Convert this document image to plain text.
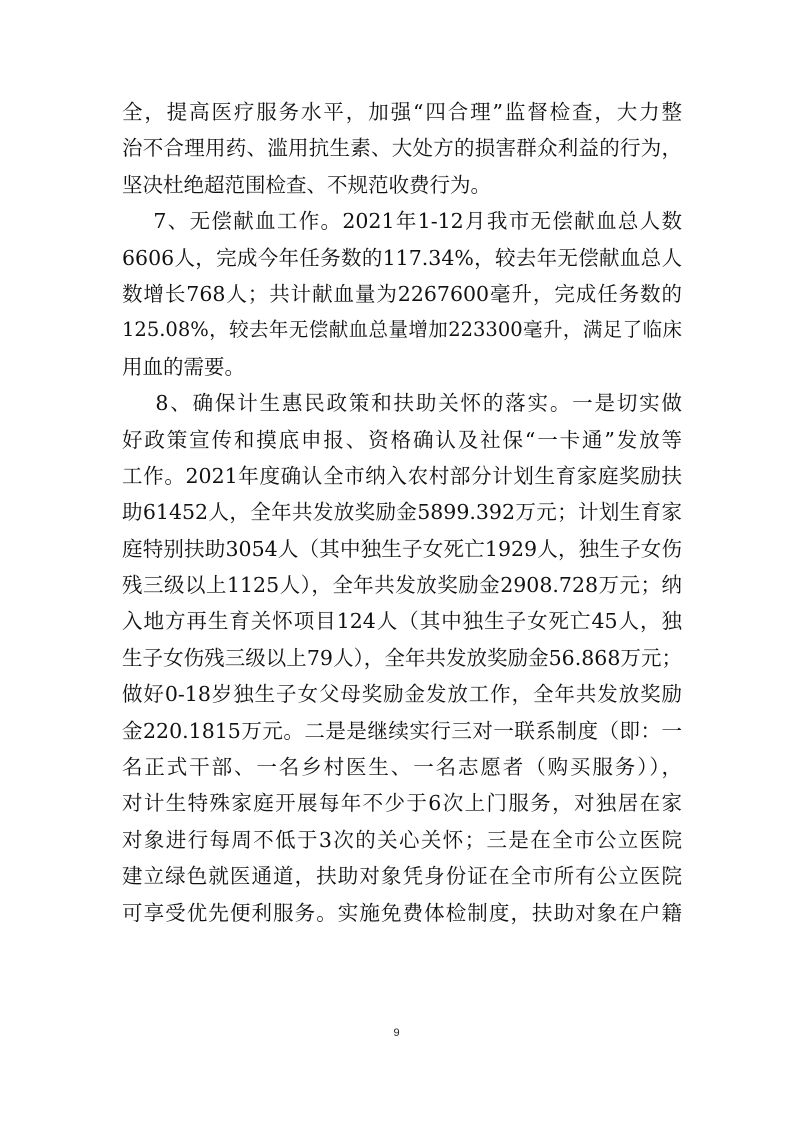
全，提高医疗服务水平，加强“四合理”监督检查，大力整
治不合理用药、滥用抗生素、大处方的损害群众利益的行为，
坚决杜绝超范围检查、不规范收费行为。
7、无偿献血工作。2021年1-12月我市无偿献血总人数
6606人，完成今年任务数的117.34%，较去年无偿献血总人
数增长768人；共计献血量为2267600毫升，完成任务数的
125.08%，较去年无偿献血总量增加223300毫升，满足了临床
用血的需要。
8、确保计生惠民政策和扶助关怀的落实。一是切实做
好政策宣传和摸底申报、资格确认及社保“一卡通”发放等
工作。2021年度确认全市纳入农村部分计划生育家庭奖励扶
助61452人，全年共发放奖励金5899.392万元；计划生育家
庭特别扶助3054人（其中独生子女死亡1929人，独生子女伤
残三级以上1125人），全年共发放奖励金2908.728万元；纳
入地方再生育关怀项目124人（其中独生子女死亡45人，独
生子女伤残三级以上79人），全年共发放奖励金56.868万元；
做好0-18岁独生子女父母奖励金发放工作，全年共发放奖励
金220.1815万元。二是是继续实行三对一联系制度（即：一
名正式干部、一名乡村医生、一名志愿者（购买服务）），
对计生特殊家庭开展每年不少于6次上门服务，对独居在家
对象进行每周不低于3次的关心关怀；三是在全市公立医院
建立绿色就医通道，扶助对象凭身份证在全市所有公立医院
可享受优先便利服务。实施免费体检制度，扶助对象在户籍
9
